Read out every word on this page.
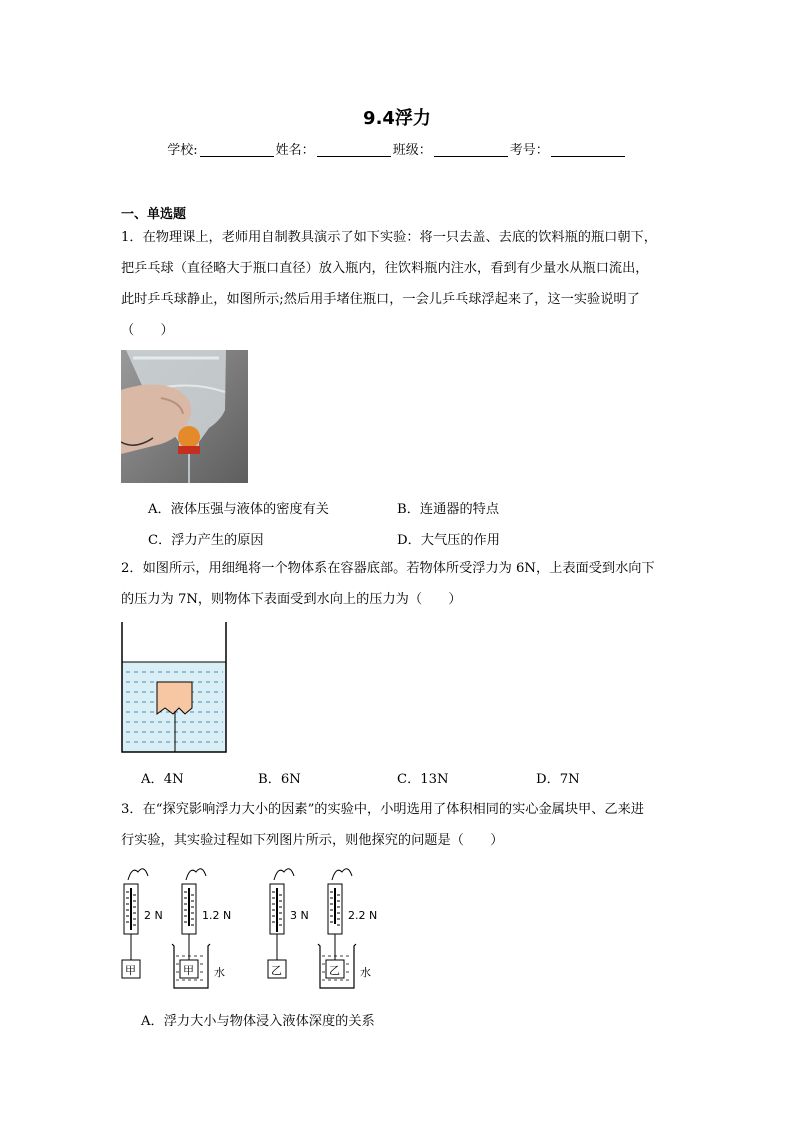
9.4浮力
学校:	姓名：	班级：	考号：
一、单选题
1．在物理课上，老师用自制教具演示了如下实验：将一只去盖、去底的饮料瓶的瓶口朝下，
把乒乓球（直径略大于瓶口直径）放入瓶内，往饮料瓶内注水，看到有少量水从瓶口流出，
此时乒乓球静止，如图所示;然后用手堵住瓶口，一会儿乒乓球浮起来了，这一实验说明了
（　　）
A．液体压强与液体的密度有关	B．连通器的特点
C．浮力产生的原因	D．大气压的作用
2．如图所示，用细绳将一个物体系在容器底部。若物体所受浮力为 6N，上表面受到水向下
的压力为 7N，则物体下表面受到水向上的压力为（　　）
A．4N	B．6N	C．13N	D．7N
3．在“探究影响浮力大小的因素”的实验中，小明选用了体积相同的实心金属块甲、乙来进
行实验，其实验过程如下列图片所示，则他探究的问题是（　　）
2 N	1.2 N	3 N	2.2 N
甲	甲	乙	乙
水	水
A．浮力大小与物体浸入液体深度的关系
